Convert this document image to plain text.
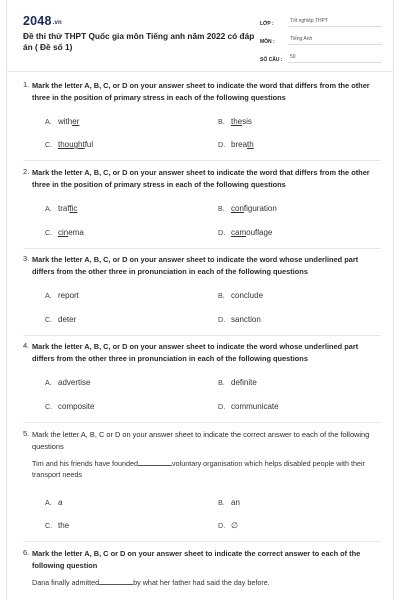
2048.vn
Đề thi thử THPT Quốc gia môn Tiếng anh năm 2022 có đáp án ( Đề số 1)
LỚP :	Tốt nghiệp THPT
MÔN :	Tiếng Anh
SỐ CÂU :	50
1. Mark the letter A, B, C, or D on your answer sheet to indicate the word that differs from the other three in the position of primary stress in each of the following questions
A. wither	B. thesis
C. thoughtful	D. breath
2. Mark the letter A, B, C, or D on your answer sheet to indicate the word that differs from the other three in the position of primary stress in each of the following questions
A. traffic	B. configuration
C. cinema	D. camouflage
3. Mark the letter A, B, C, or D on your answer sheet to indicate the word whose underlined part differs from the other three in pronunciation in each of the following questions
A. report	B. conclude
C. deter	D. sanction
4. Mark the letter A, B, C, or D on your answer sheet to indicate the word whose underlined part differs from the other three in pronunciation in each of the following questions
A. advertise	B. definite
C. composite	D. communicate
5. Mark the letter A, B, C or D on your answer sheet to indicate the correct answer to each of the following questions
Tim and his friends have founded	voluntary organisation which helps disabled people with their transport needs
A. a	B. an
C. the	D. ∅
6. Mark the letter A, B, C or D on your answer sheet to indicate the correct answer to each of the following question
Dana finally admitted	by what her father had said the day before.
